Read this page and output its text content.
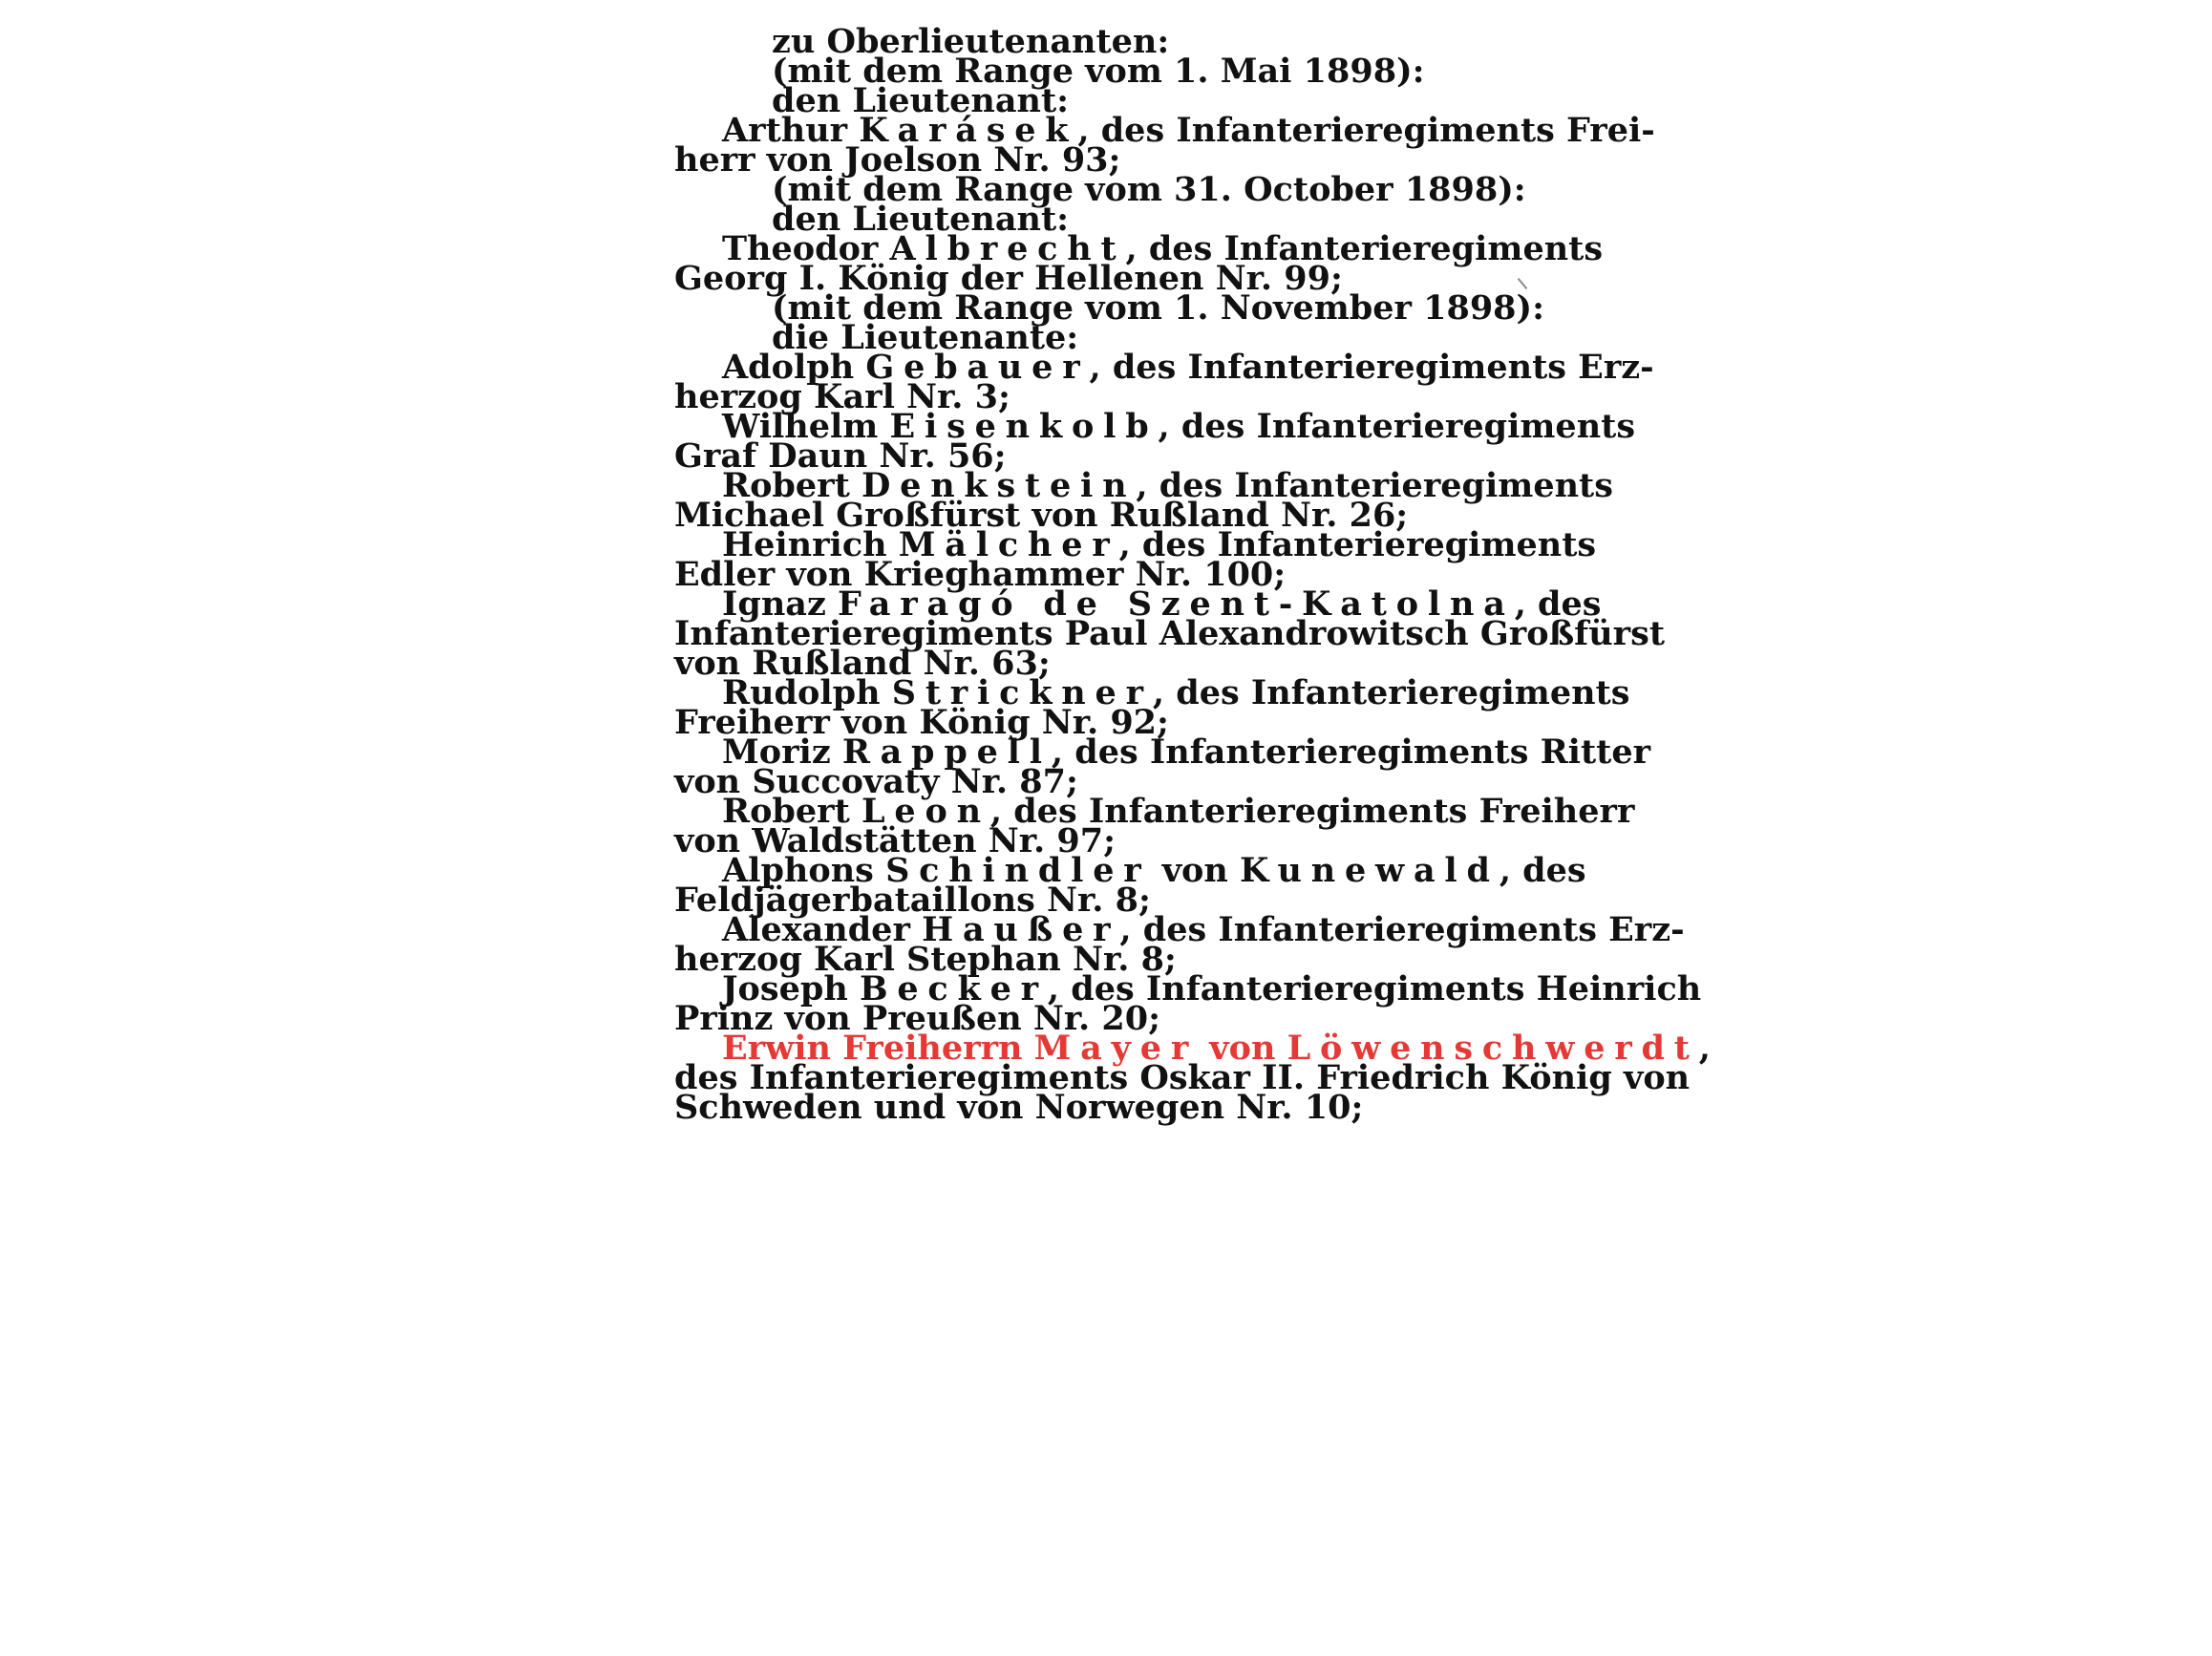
zu Oberlieutenanten:
(mit dem Range vom 1. Mai 1898):
den Lieutenant:
Arthur Karásek, des Infanterieregiments Frei-
herr von Joelson Nr. 93;
(mit dem Range vom 31. October 1898):
den Lieutenant:
Theodor Albrecht, des Infanterieregiments
Georg I. König der Hellenen Nr. 99;
(mit dem Range vom 1. November 1898):
die Lieutenante:
Adolph Gebauer, des Infanterieregiments Erz-
herzog Karl Nr. 3;
Wilhelm Eisenkolb, des Infanterieregiments
Graf Daun Nr. 56;
Robert Denkstein, des Infanterieregiments
Michael Großfürst von Rußland Nr. 26;
Heinrich Mälcher, des Infanterieregiments
Edler von Krieghammer Nr. 100;
Ignaz Faragó de Szent-Katolna, des
Infanterieregiments Paul Alexandrowitsch Großfürst
von Rußland Nr. 63;
Rudolph Strickner, des Infanterieregiments
Freiherr von König Nr. 92;
Moriz Rappell, des Infanterieregiments Ritter
von Succovaty Nr. 87;
Robert Leon, des Infanterieregiments Freiherr
von Waldstätten Nr. 97;
Alphons Schindler von Kunewald, des
Feldjägerbataillons Nr. 8;
Alexander Haußer, des Infanterieregiments Erz-
herzog Karl Stephan Nr. 8;
Joseph Becker, des Infanterieregiments Heinrich
Prinz von Preußen Nr. 20;
Erwin Freiherrn Mayer von Löwenschwerdt,
des Infanterieregiments Oskar II. Friedrich König von
Schweden und von Norwegen Nr. 10;
